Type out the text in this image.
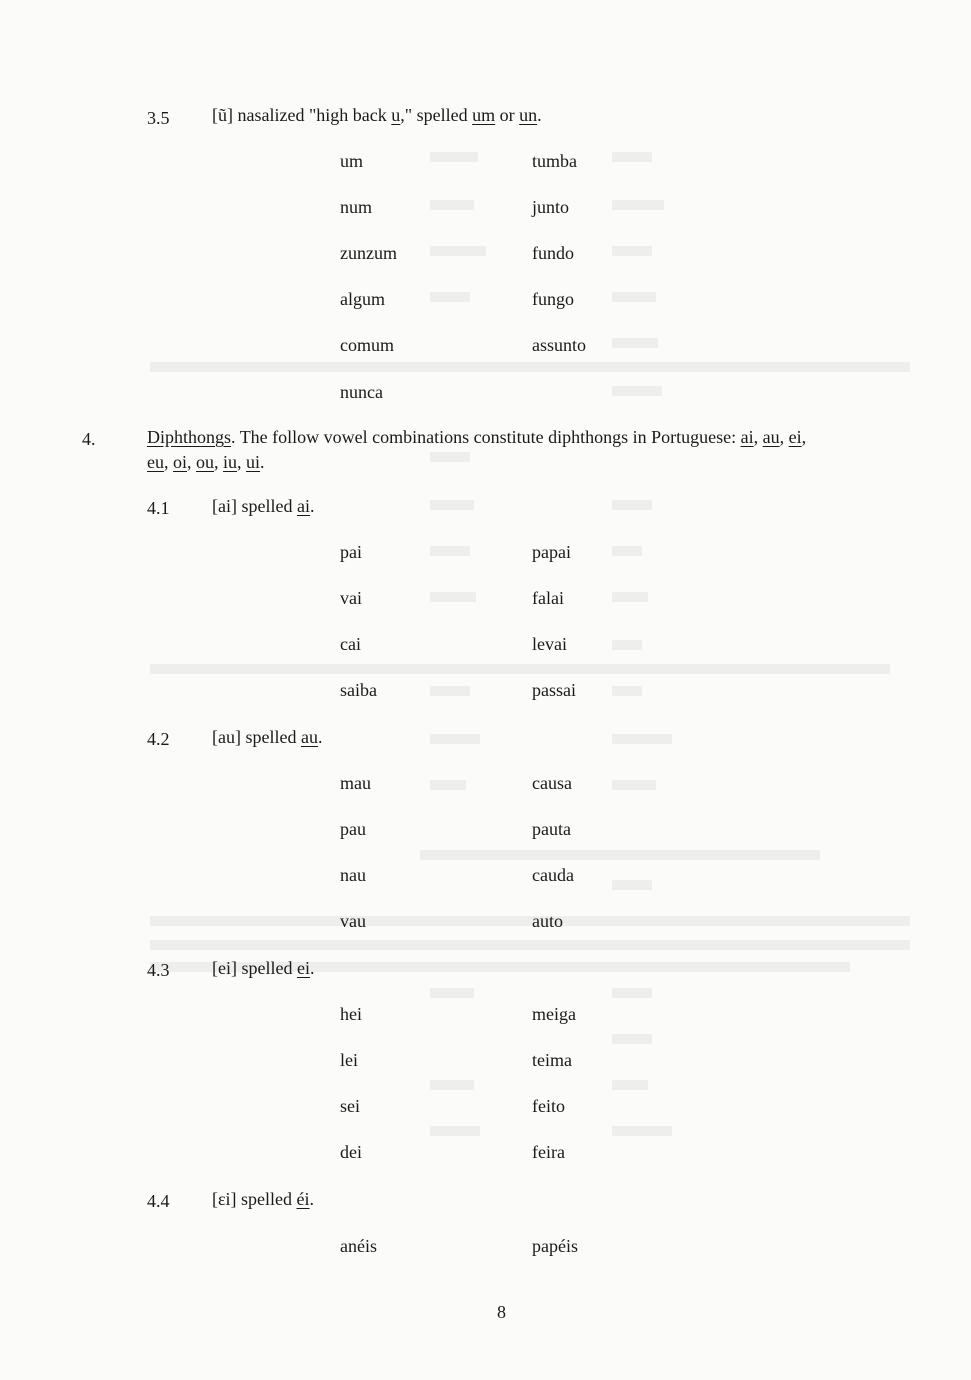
3.5 [ũ] nasalized "high back u," spelled um or un.
um
num
zunzum
algum
comum
nunca
tumba
junto
fundo
fungo
assunto
4.	Diphthongs. The follow vowel combinations constitute diphthongs in Portuguese: ai, au, ei,
eu, oi, ou, iu, ui.
4.1 [ai] spelled ai.
pai
vai
cai
saiba
papai
falai
levai
passai
4.2 [au] spelled au.
mau
pau
nau
vau
causa
pauta
cauda
auto
4.3 [ei] spelled ei.
hei
lei
sei
dei
meiga
teima
feito
feira
4.4 [ɛi] spelled éi.
anéis	papéis
8
